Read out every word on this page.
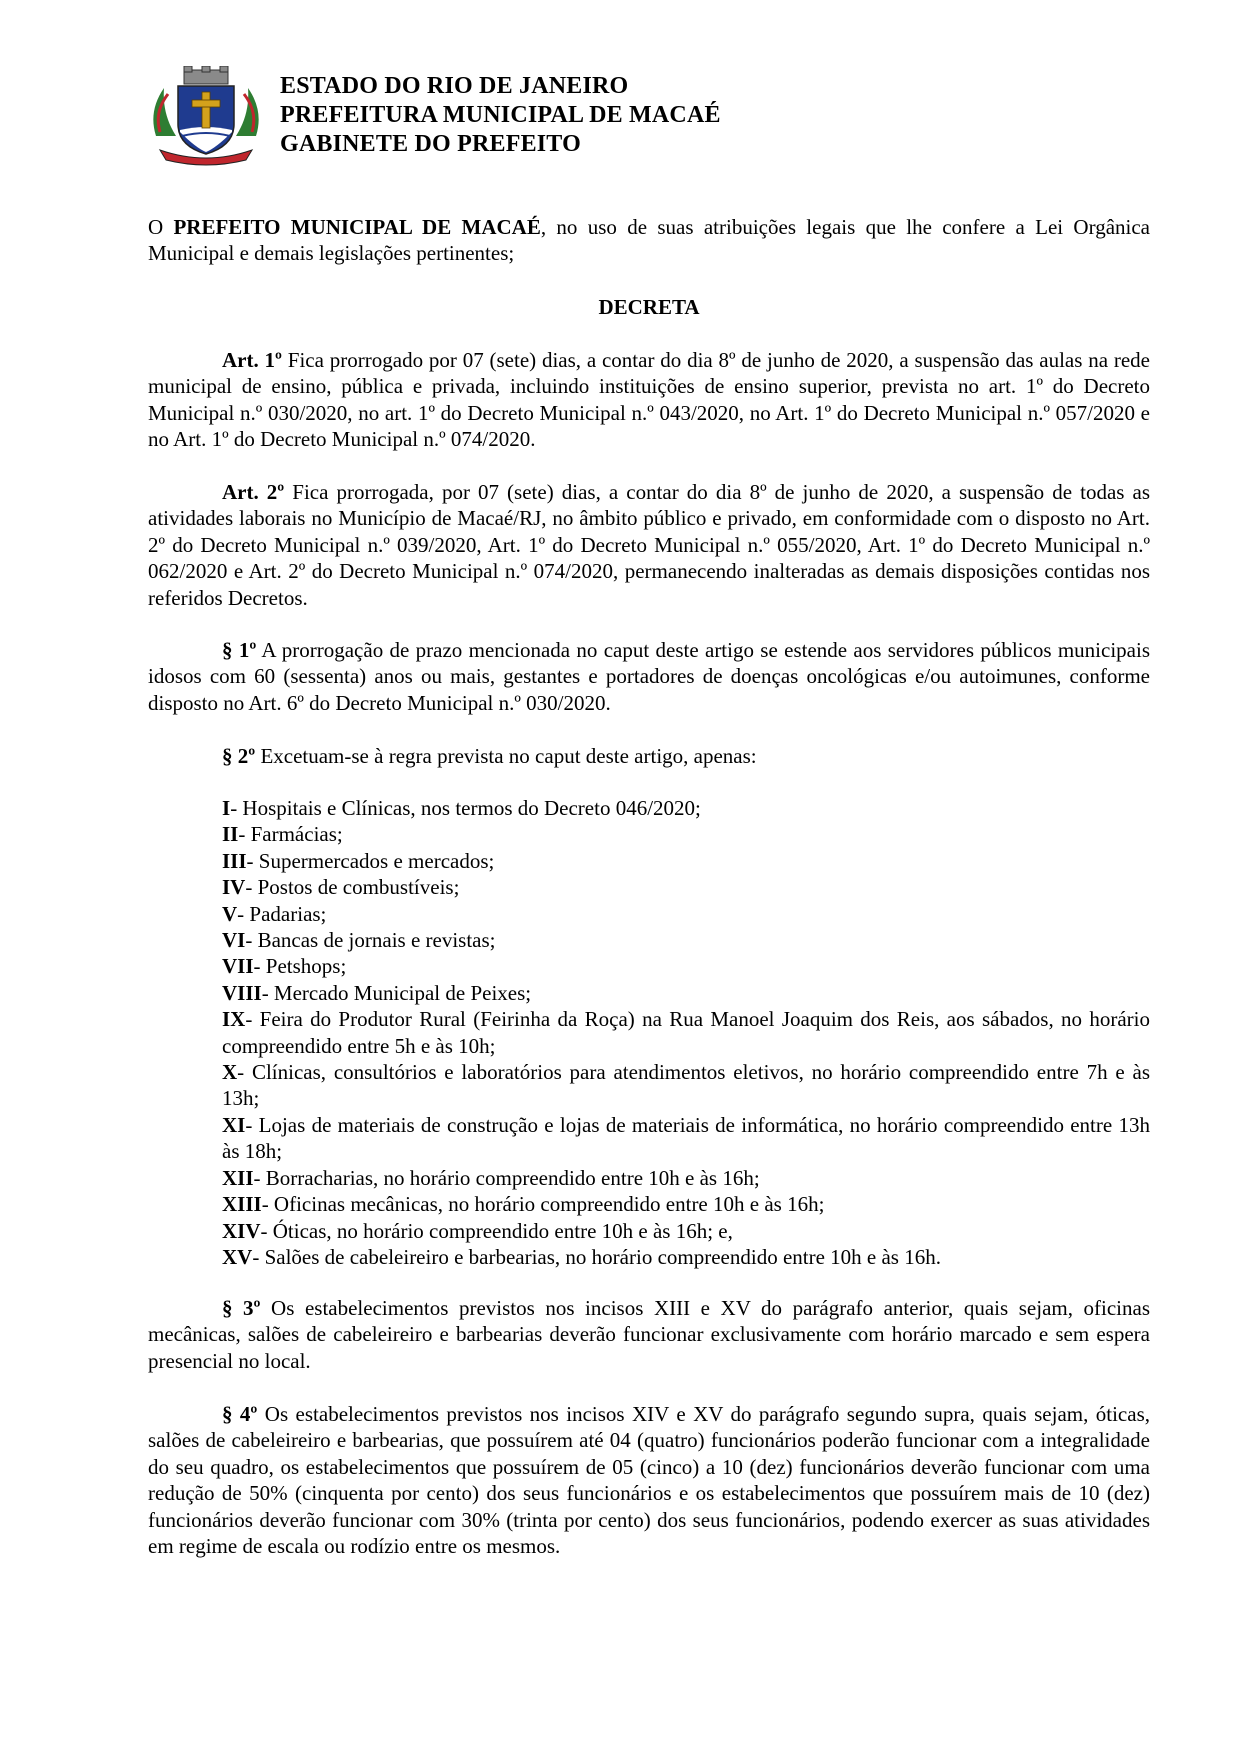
ESTADO DO RIO DE JANEIRO
PREFEITURA MUNICIPAL DE MACAÉ
GABINETE DO PREFEITO

O PREFEITO MUNICIPAL DE MACAÉ, no uso de suas atribuições legais que lhe confere a Lei Orgânica Municipal e demais legislações pertinentes;

DECRETA

Art. 1º Fica prorrogado por 07 (sete) dias, a contar do dia 8º de junho de 2020, a suspensão das aulas na rede municipal de ensino, pública e privada, incluindo instituições de ensino superior, prevista no art. 1º do Decreto Municipal n.º 030/2020, no art. 1º do Decreto Municipal n.º 043/2020, no Art. 1º do Decreto Municipal n.º 057/2020 e no Art. 1º do Decreto Municipal n.º 074/2020.

Art. 2º Fica prorrogada, por 07 (sete) dias, a contar do dia 8º de junho de 2020, a suspensão de todas as atividades laborais no Município de Macaé/RJ, no âmbito público e privado, em conformidade com o disposto no Art. 2º do Decreto Municipal n.º 039/2020, Art. 1º do Decreto Municipal n.º 055/2020, Art. 1º do Decreto Municipal n.º 062/2020 e Art. 2º do Decreto Municipal n.º 074/2020, permanecendo inalteradas as demais disposições contidas nos referidos Decretos.

§ 1º A prorrogação de prazo mencionada no caput deste artigo se estende aos servidores públicos municipais idosos com 60 (sessenta) anos ou mais, gestantes e portadores de doenças oncológicas e/ou autoimunes, conforme disposto no Art. 6º do Decreto Municipal n.º 030/2020.

§ 2º Excetuam-se à regra prevista no caput deste artigo, apenas:

I- Hospitais e Clínicas, nos termos do Decreto 046/2020;
II- Farmácias;
III- Supermercados e mercados;
IV- Postos de combustíveis;
V- Padarias;
VI- Bancas de jornais e revistas;
VII- Petshops;
VIII- Mercado Municipal de Peixes;
IX- Feira do Produtor Rural (Feirinha da Roça) na Rua Manoel Joaquim dos Reis, aos sábados, no horário compreendido entre 5h e às 10h;
X- Clínicas, consultórios e laboratórios para atendimentos eletivos, no horário compreendido entre 7h e às 13h;
XI- Lojas de materiais de construção e lojas de materiais de informática, no horário compreendido entre 13h às 18h;
XII- Borracharias, no horário compreendido entre 10h e às 16h;
XIII- Oficinas mecânicas, no horário compreendido entre 10h e às 16h;
XIV- Óticas, no horário compreendido entre 10h e às 16h; e,
XV- Salões de cabeleireiro e barbearias, no horário compreendido entre 10h e às 16h.

§ 3º Os estabelecimentos previstos nos incisos XIII e XV do parágrafo anterior, quais sejam, oficinas mecânicas, salões de cabeleireiro e barbearias deverão funcionar exclusivamente com horário marcado e sem espera presencial no local.

§ 4º Os estabelecimentos previstos nos incisos XIV e XV do parágrafo segundo supra, quais sejam, óticas, salões de cabeleireiro e barbearias, que possuírem até 04 (quatro) funcionários poderão funcionar com a integralidade do seu quadro, os estabelecimentos que possuírem de 05 (cinco) a 10 (dez) funcionários deverão funcionar com uma redução de 50% (cinquenta por cento) dos seus funcionários e os estabelecimentos que possuírem mais de 10 (dez) funcionários deverão funcionar com 30% (trinta por cento) dos seus funcionários, podendo exercer as suas atividades em regime de escala ou rodízio entre os mesmos.
